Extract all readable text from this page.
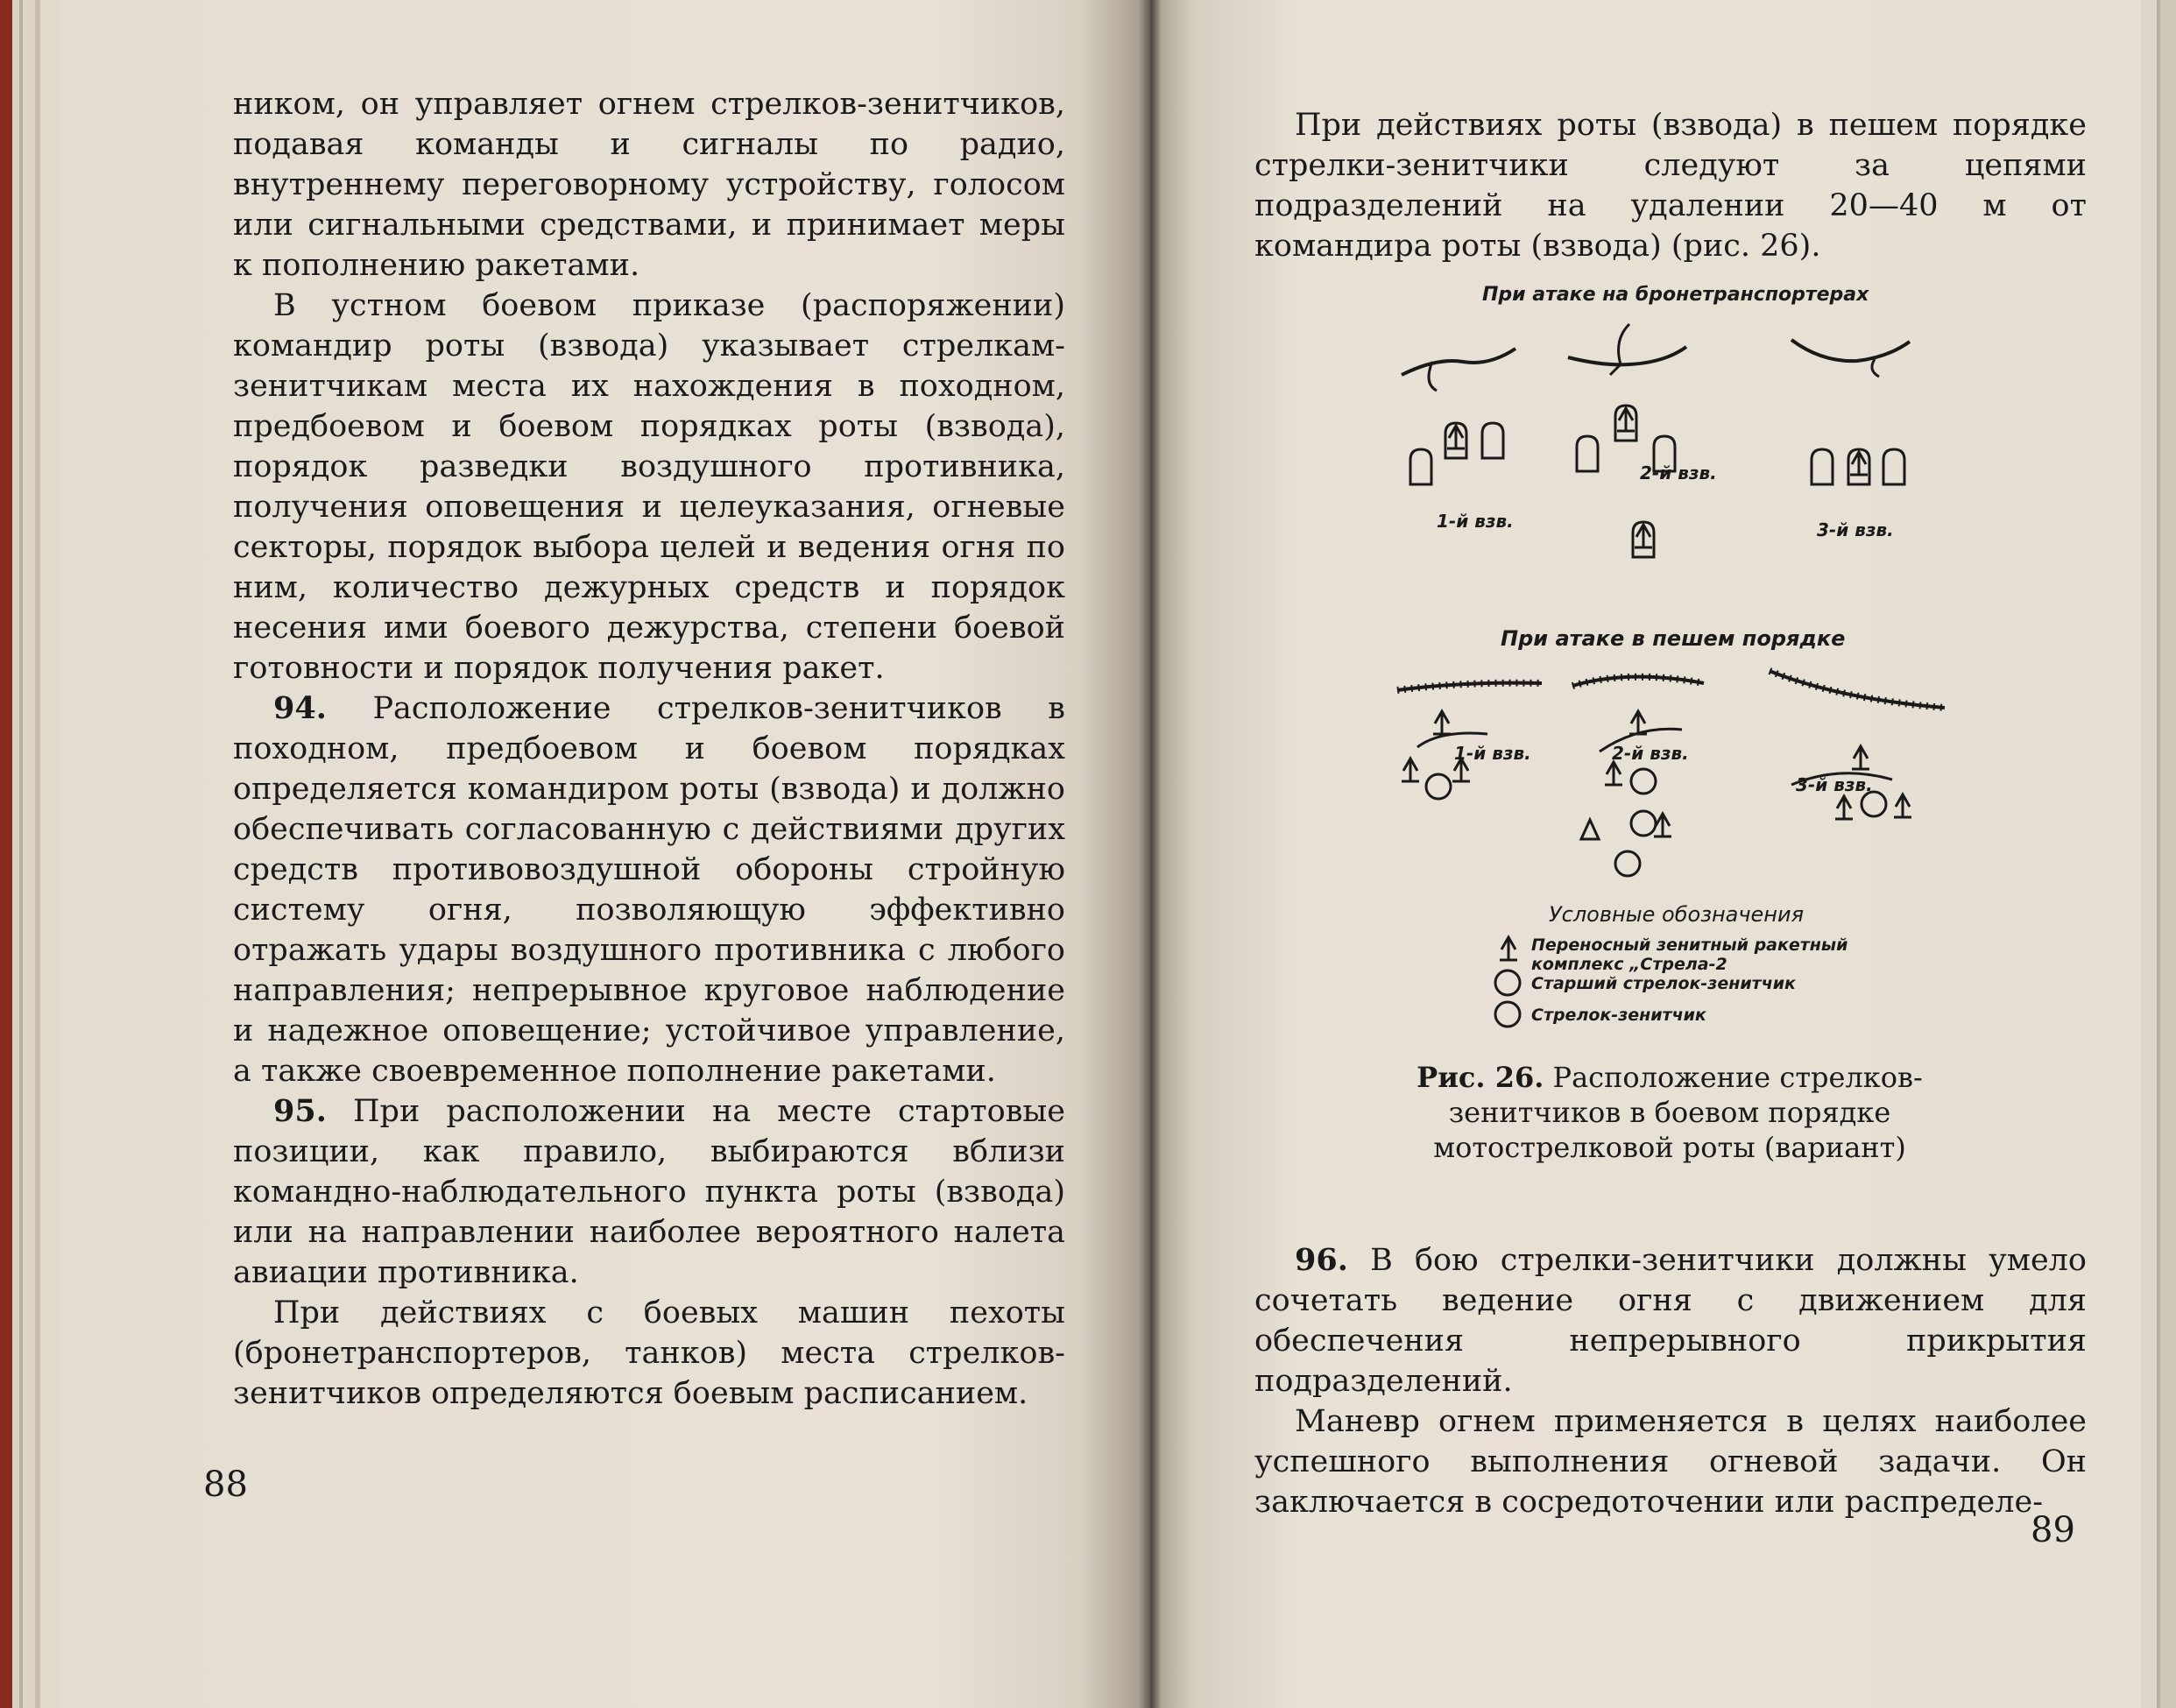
ником, он управляет огнем стрелков-зенитчиков, подавая команды и сигналы по радио, внутреннему переговорному устройству, голосом или сигнальными средствами, и принимает меры к пополнению ракетами.

В устном боевом приказе (распоряжении) командир роты (взвода) указывает стрелкам-зенитчикам места их нахождения в походном, предбоевом и боевом порядках роты (взвода), порядок разведки воздушного противника, получения оповещения и целеуказания, огневые секторы, порядок выбора целей и ведения огня по ним, количество дежурных средств и порядок несения ими боевого дежурства, степени боевой готовности и порядок получения ракет.

94. Расположение стрелков-зенитчиков в походном, предбоевом и боевом порядках определяется командиром роты (взвода) и должно обеспечивать согласованную с действиями других средств противовоздушной обороны стройную систему огня, позволяющую эффективно отражать удары воздушного противника с любого направления; непрерывное круговое наблюдение и надежное оповещение; устойчивое управление, а также своевременное пополнение ракетами.

95. При расположении на месте стартовые позиции, как правило, выбираются вблизи командно-наблюдательного пункта роты (взвода) или на направлении наиболее вероятного налета авиации противника.

При действиях с боевых машин пехоты (бронетранспортеров, танков) места стрелков-зенитчиков определяются боевым расписанием.

88

При действиях роты (взвода) в пешем порядке стрелки-зенитчики следуют за цепями подразделений на удалении 20—40 м от командира роты (взвода) (рис. 26).

При атаке на бронетранспортерах
1-й взв.
2-й взв.
3-й взв.
При атаке в пешем порядке
1-й взв.	2-й взв.
3-й взв.
Условные обозначения
Переносный зенитный ракетный
комплекс „Стрела-2
Старший стрелок-зенитчик
Стрелок-зенитчик
Рис. 26. Расположение стрелков-зенитчиков в боевом порядке мотострелковой роты (вариант)

96. В бою стрелки-зенитчики должны умело сочетать ведение огня с движением для обеспечения непрерывного прикрытия подразделений.

Маневр огнем применяется в целях наиболее успешного выполнения огневой задачи. Он заключается в сосредоточении или распределе-

89
